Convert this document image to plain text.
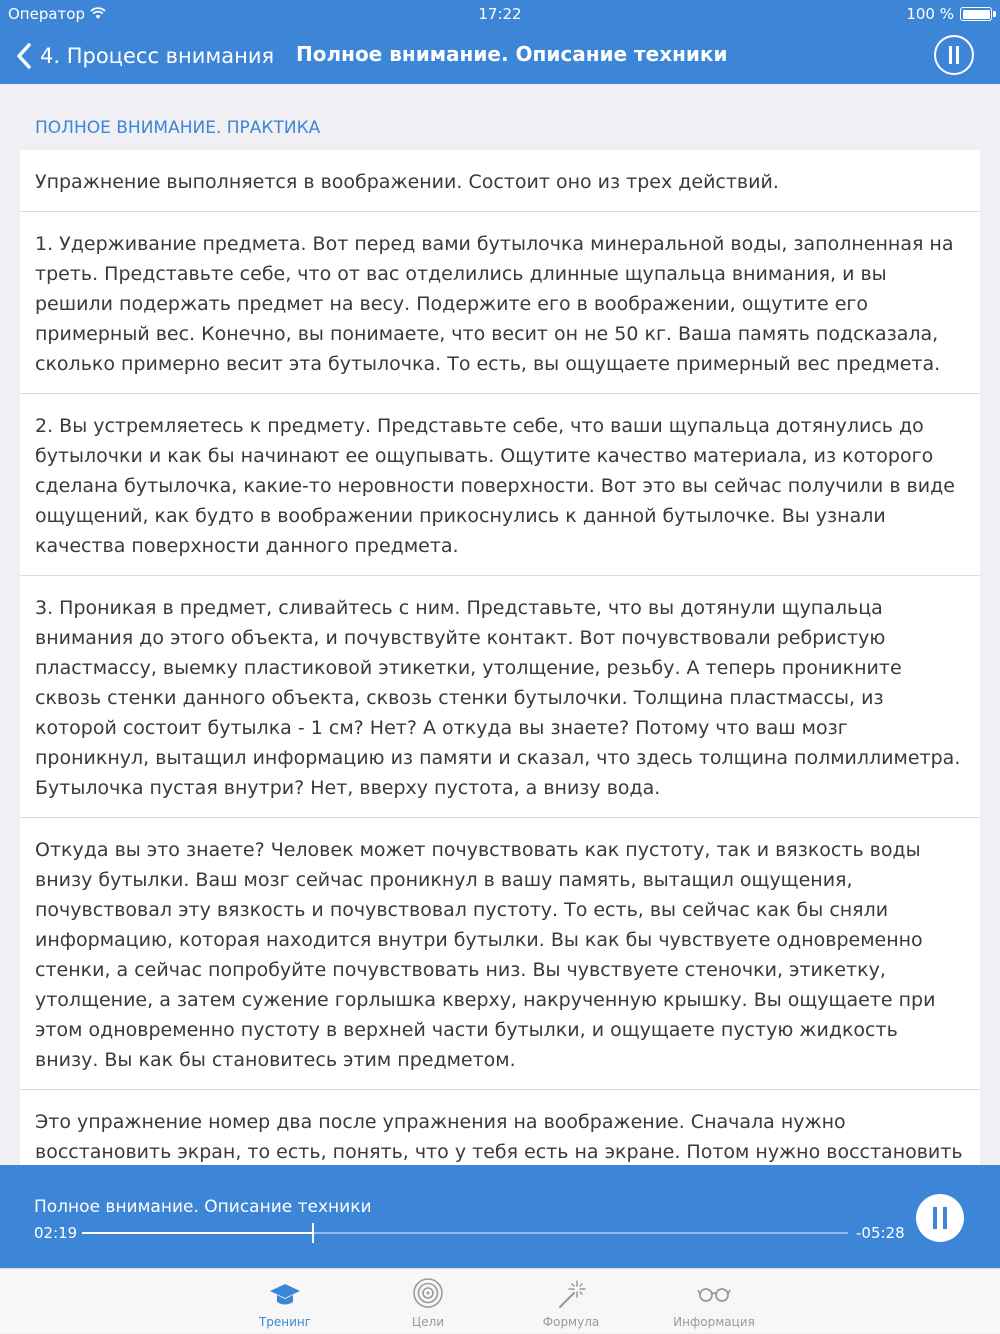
Оператор	17:22	100 %
4. Процесс внимания Полное внимание. Описание техники
ПОЛНОЕ ВНИМАНИЕ. ПРАКТИКА
Упражнение выполняется в воображении. Состоит оно из трех действий.
1. Удерживание предмета. Вот перед вами бутылочка минеральной воды, заполненная на треть. Представьте себе, что от вас отделились длинные щупальца внимания, и вы решили подержать предмет на весу. Подержите его в воображении, ощутите его примерный вес. Конечно, вы понимаете, что весит он не 50 кг. Ваша память подсказала, сколько примерно весит эта бутылочка. То есть, вы ощущаете примерный вес предмета.
2. Вы устремляетесь к предмету. Представьте себе, что ваши щупальца дотянулись до бутылочки и как бы начинают ее ощупывать. Ощутите качество материала, из которого сделана бутылочка, какие-то неровности поверхности. Вот это вы сейчас получили в виде ощущений, как будто в воображении прикоснулись к данной бутылочке. Вы узнали качества поверхности данного предмета.
3. Проникая в предмет, сливайтесь с ним. Представьте, что вы дотянули щупальца внимания до этого объекта, и почувствуйте контакт. Вот почувствовали ребристую пластмассу, выемку пластиковой этикетки, утолщение, резьбу. А теперь проникните сквозь стенки данного объекта, сквозь стенки бутылочки. Толщина пластмассы, из которой состоит бутылка - 1 см? Нет? А откуда вы знаете? Потому что ваш мозг проникнул, вытащил информацию из памяти и сказал, что здесь толщина полмиллиметра. Бутылочка пустая внутри? Нет, вверху пустота, а внизу вода.
Откуда вы это знаете? Человек может почувствовать как пустоту, так и вязкость воды внизу бутылки. Ваш мозг сейчас проникнул в вашу память, вытащил ощущения, почувствовал эту вязкость и почувствовал пустоту. То есть, вы сейчас как бы сняли информацию, которая находится внутри бутылки. Вы как бы чувствуете одновременно стенки, а сейчас попробуйте почувствовать низ. Вы чувствуете стеночки, этикетку, утолщение, а затем сужение горлышка кверху, накрученную крышку. Вы ощущаете при этом одновременно пустоту в верхней части бутылки, и ощущаете пустую жидкость внизу. Вы как бы становитесь этим предметом.
Это упражнение номер два после упражнения на воображение. Сначала нужно восстановить экран, то есть, понять, что у тебя есть на экране. Потом нужно восстановить
Полное внимание. Описание техники
02:19	-05:28
Тренинг	Цели	Формула	Информация
